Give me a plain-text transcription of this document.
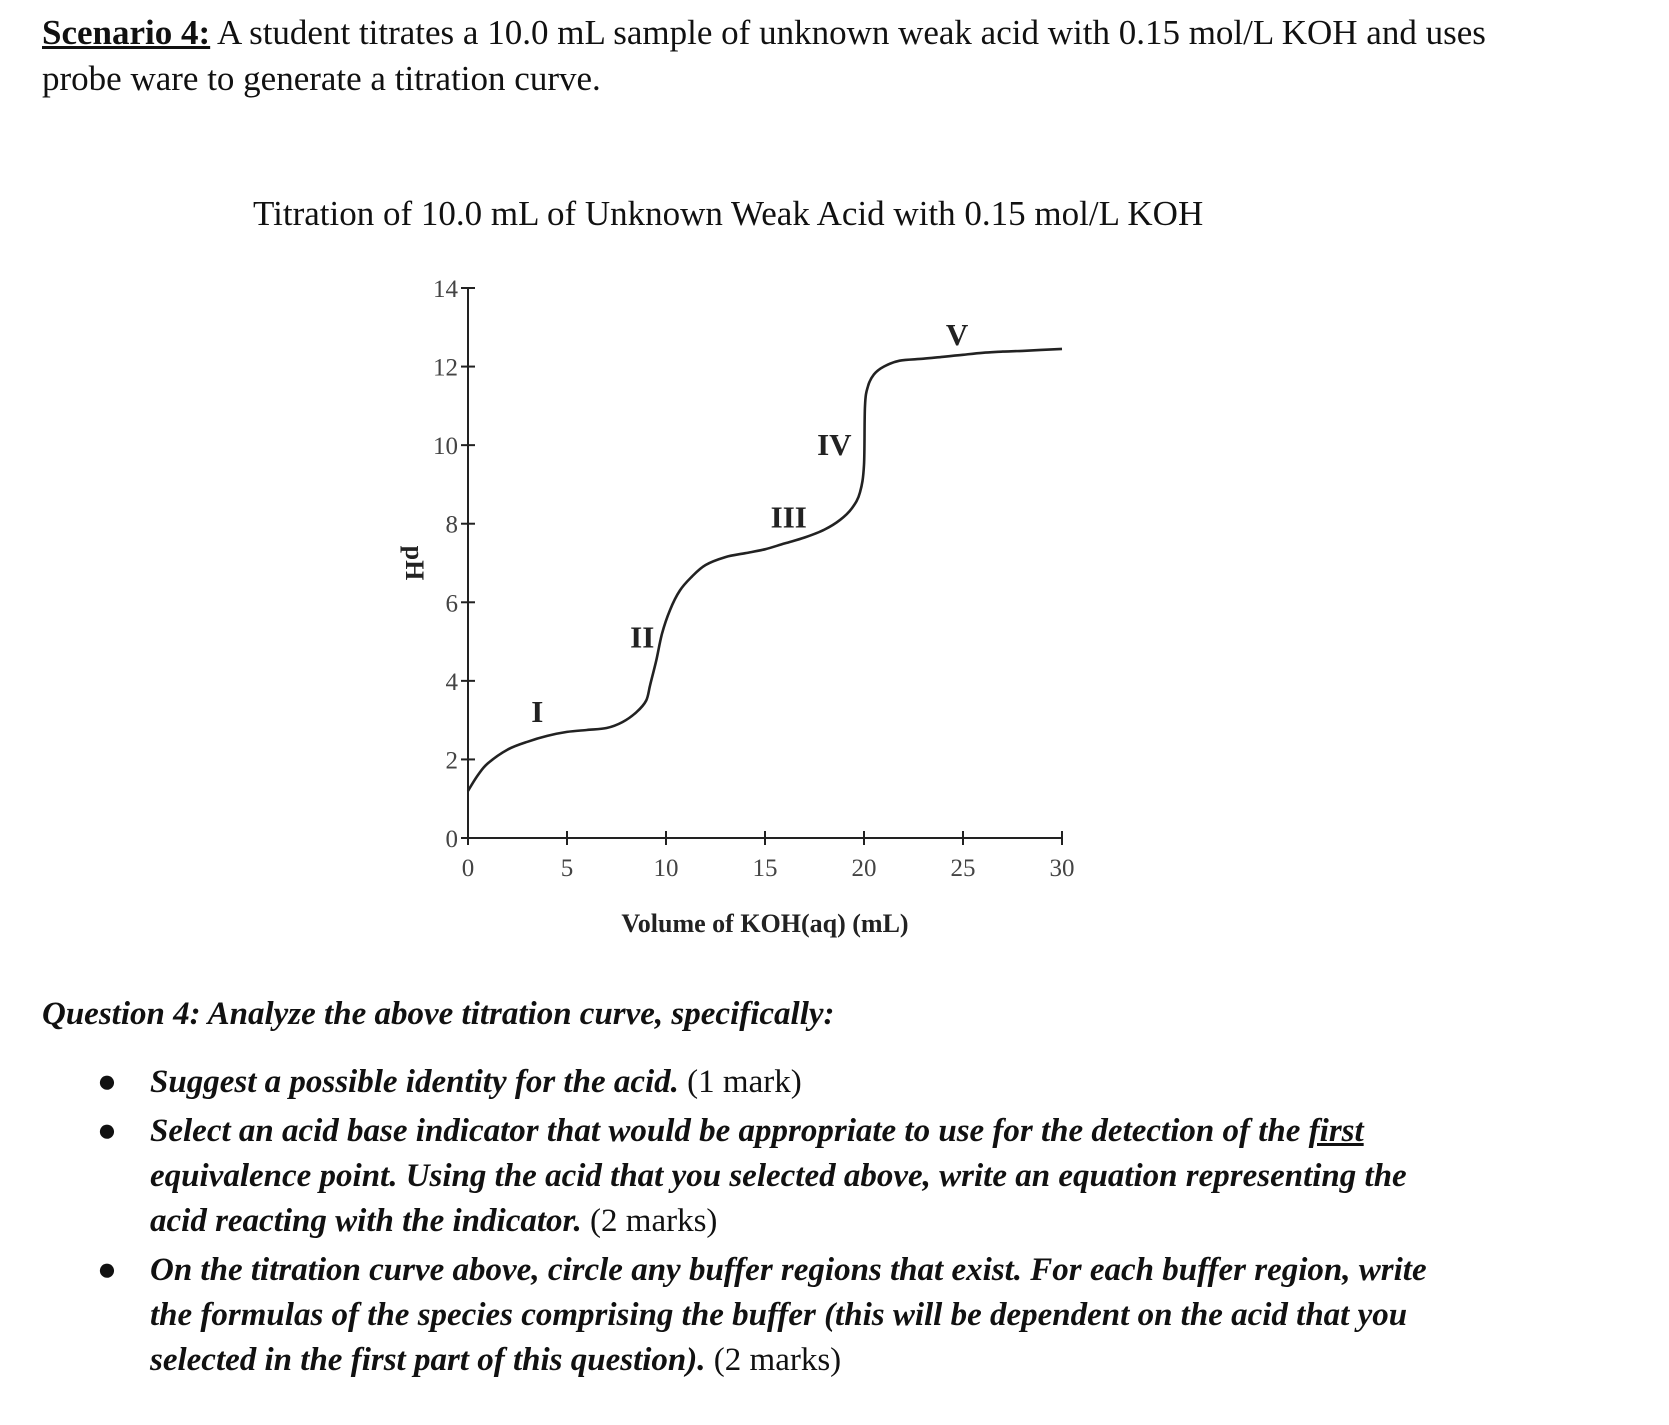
Scenario 4: A student titrates a 10.0 mL sample of unknown weak acid with 0.15 mol/L KOH and uses probe ware to generate a titration curve.
Titration of 10.0 mL of Unknown Weak Acid with 0.15 mol/L KOH
0
2
4
6
8
10
12
14
0	5	10	15	20	25	30
pH
Volume of KOH(aq) (mL)
I
II
III
IV
V
Question 4: Analyze the above titration curve, specifically:
● Suggest a possible identity for the acid. (1 mark)
● Select an acid base indicator that would be appropriate to use for the detection of the first equivalence point. Using the acid that you selected above, write an equation representing the acid reacting with the indicator. (2 marks)
● On the titration curve above, circle any buffer regions that exist. For each buffer region, write the formulas of the species comprising the buffer (this will be dependent on the acid that you selected in the first part of this question). (2 marks)
